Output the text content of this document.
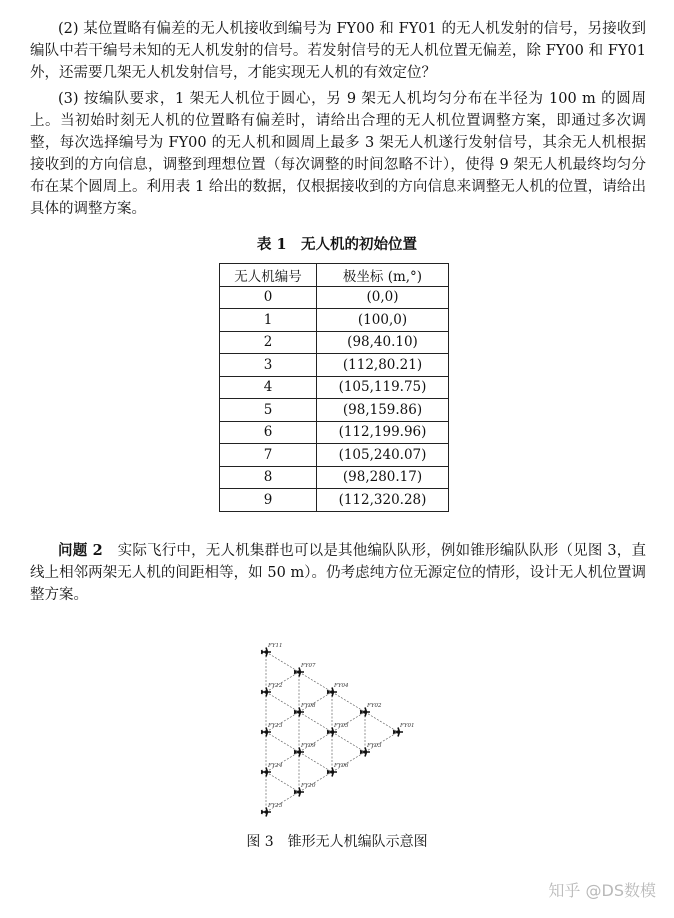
(2) 某位置略有偏差的无人机接收到编号为 FY00 和 FY01 的无人机发射的信号，另接收到编队中若干编号未知的无人机发射的信号。若发射信号的无人机位置无偏差，除 FY00 和 FY01 外，还需要几架无人机发射信号，才能实现无人机的有效定位？

(3) 按编队要求，1 架无人机位于圆心，另 9 架无人机均匀分布在半径为 100 m 的圆周上。当初始时刻无人机的位置略有偏差时，请给出合理的无人机位置调整方案，即通过多次调整，每次选择编号为 FY00 的无人机和圆周上最多 3 架无人机遂行发射信号，其余无人机根据接收到的方向信息，调整到理想位置（每次调整的时间忽略不计），使得 9 架无人机最终均匀分布在某个圆周上。利用表 1 给出的数据，仅根据接收到的方向信息来调整无人机的位置，请给出具体的调整方案。

表 1　无人机的初始位置
无人机编号	极坐标 (m,°)
0	(0,0)
1	(100,0)
2	(98,40.10)
3	(112,80.21)
4	(105,119.75)
5	(98,159.86)
6	(112,199.96)
7	(105,240.07)
8	(98,280.17)
9	(112,320.28)

问题 2　实际飞行中，无人机集群也可以是其他编队队形，例如锥形编队队形（见图 3，直线上相邻两架无人机的间距相等，如 50 m）。仍考虑纯方位无源定位的情形，设计无人机位置调整方案。

FY11
FY07
FY04
FY12
FY08	FY02
FY05	FY01
FY13
FY03
FY09
FY14	FY06
FY10
FY15
图 3　锥形无人机编队示意图
知乎 @DS数模
